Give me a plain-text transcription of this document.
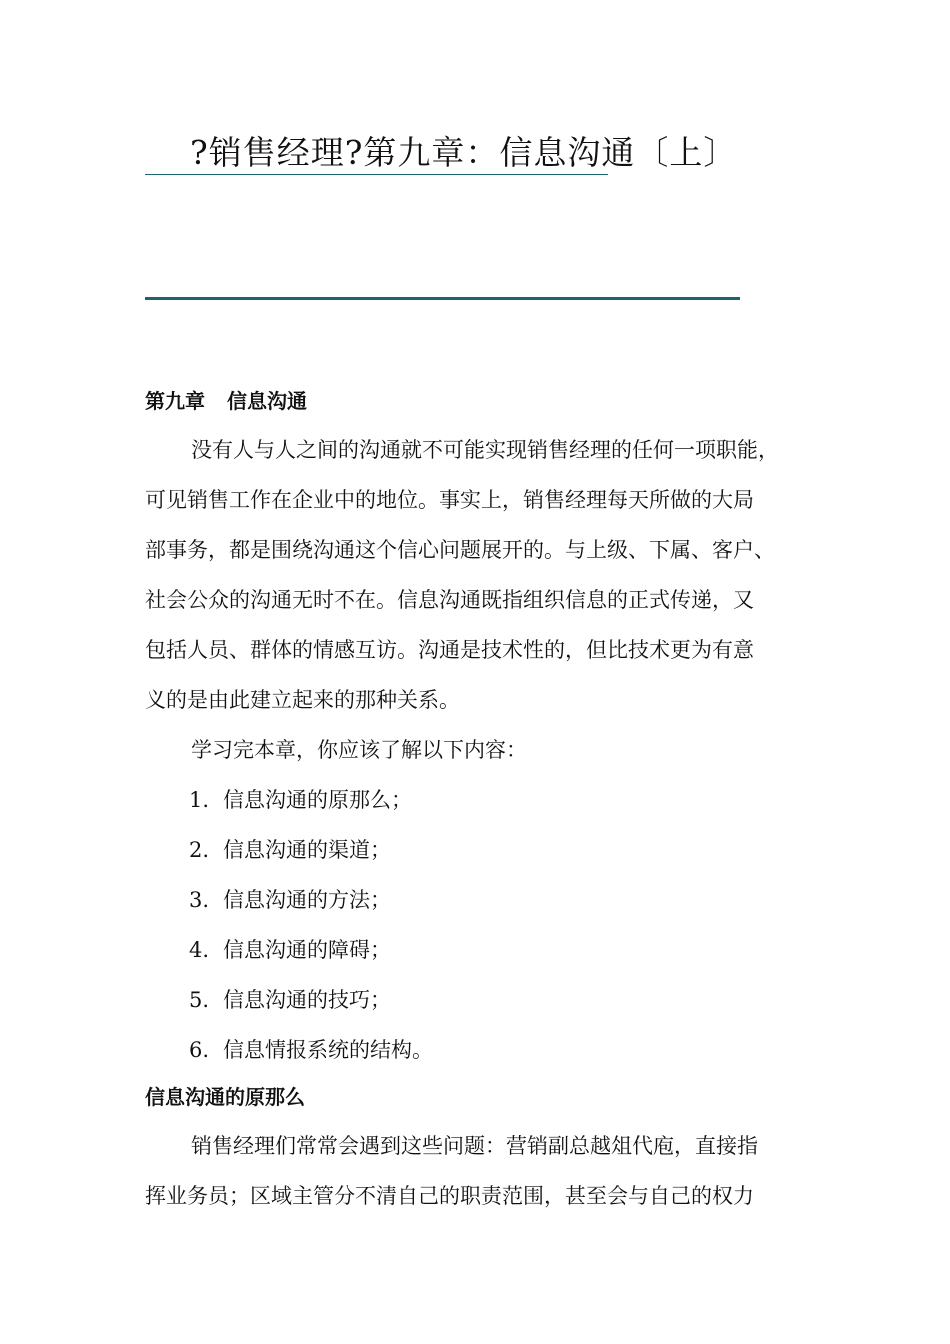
?销售经理?第九章：信息沟通〔上〕
第九章 信息沟通

没有人与人之间的沟通就不可能实现销售经理的任何一项职能，
可见销售工作在企业中的地位。事实上，销售经理每天所做的大局
部事务，都是围绕沟通这个信心问题展开的。与上级、下属、客户、
社会公众的沟通无时不在。信息沟通既指组织信息的正式传递，又
包括人员、群体的情感互访。沟通是技术性的，但比技术更为有意
义的是由此建立起来的那种关系。

学习完本章，你应该了解以下内容：

1. 信息沟通的原那么；
2. 信息沟通的渠道；
3. 信息沟通的方法；
4. 信息沟通的障碍；
5. 信息沟通的技巧；
6. 信息情报系统的结构。
信息沟通的原那么

销售经理们常常会遇到这些问题：营销副总越俎代庖，直接指
挥业务员；区域主管分不清自己的职责范围，甚至会与自己的权力
